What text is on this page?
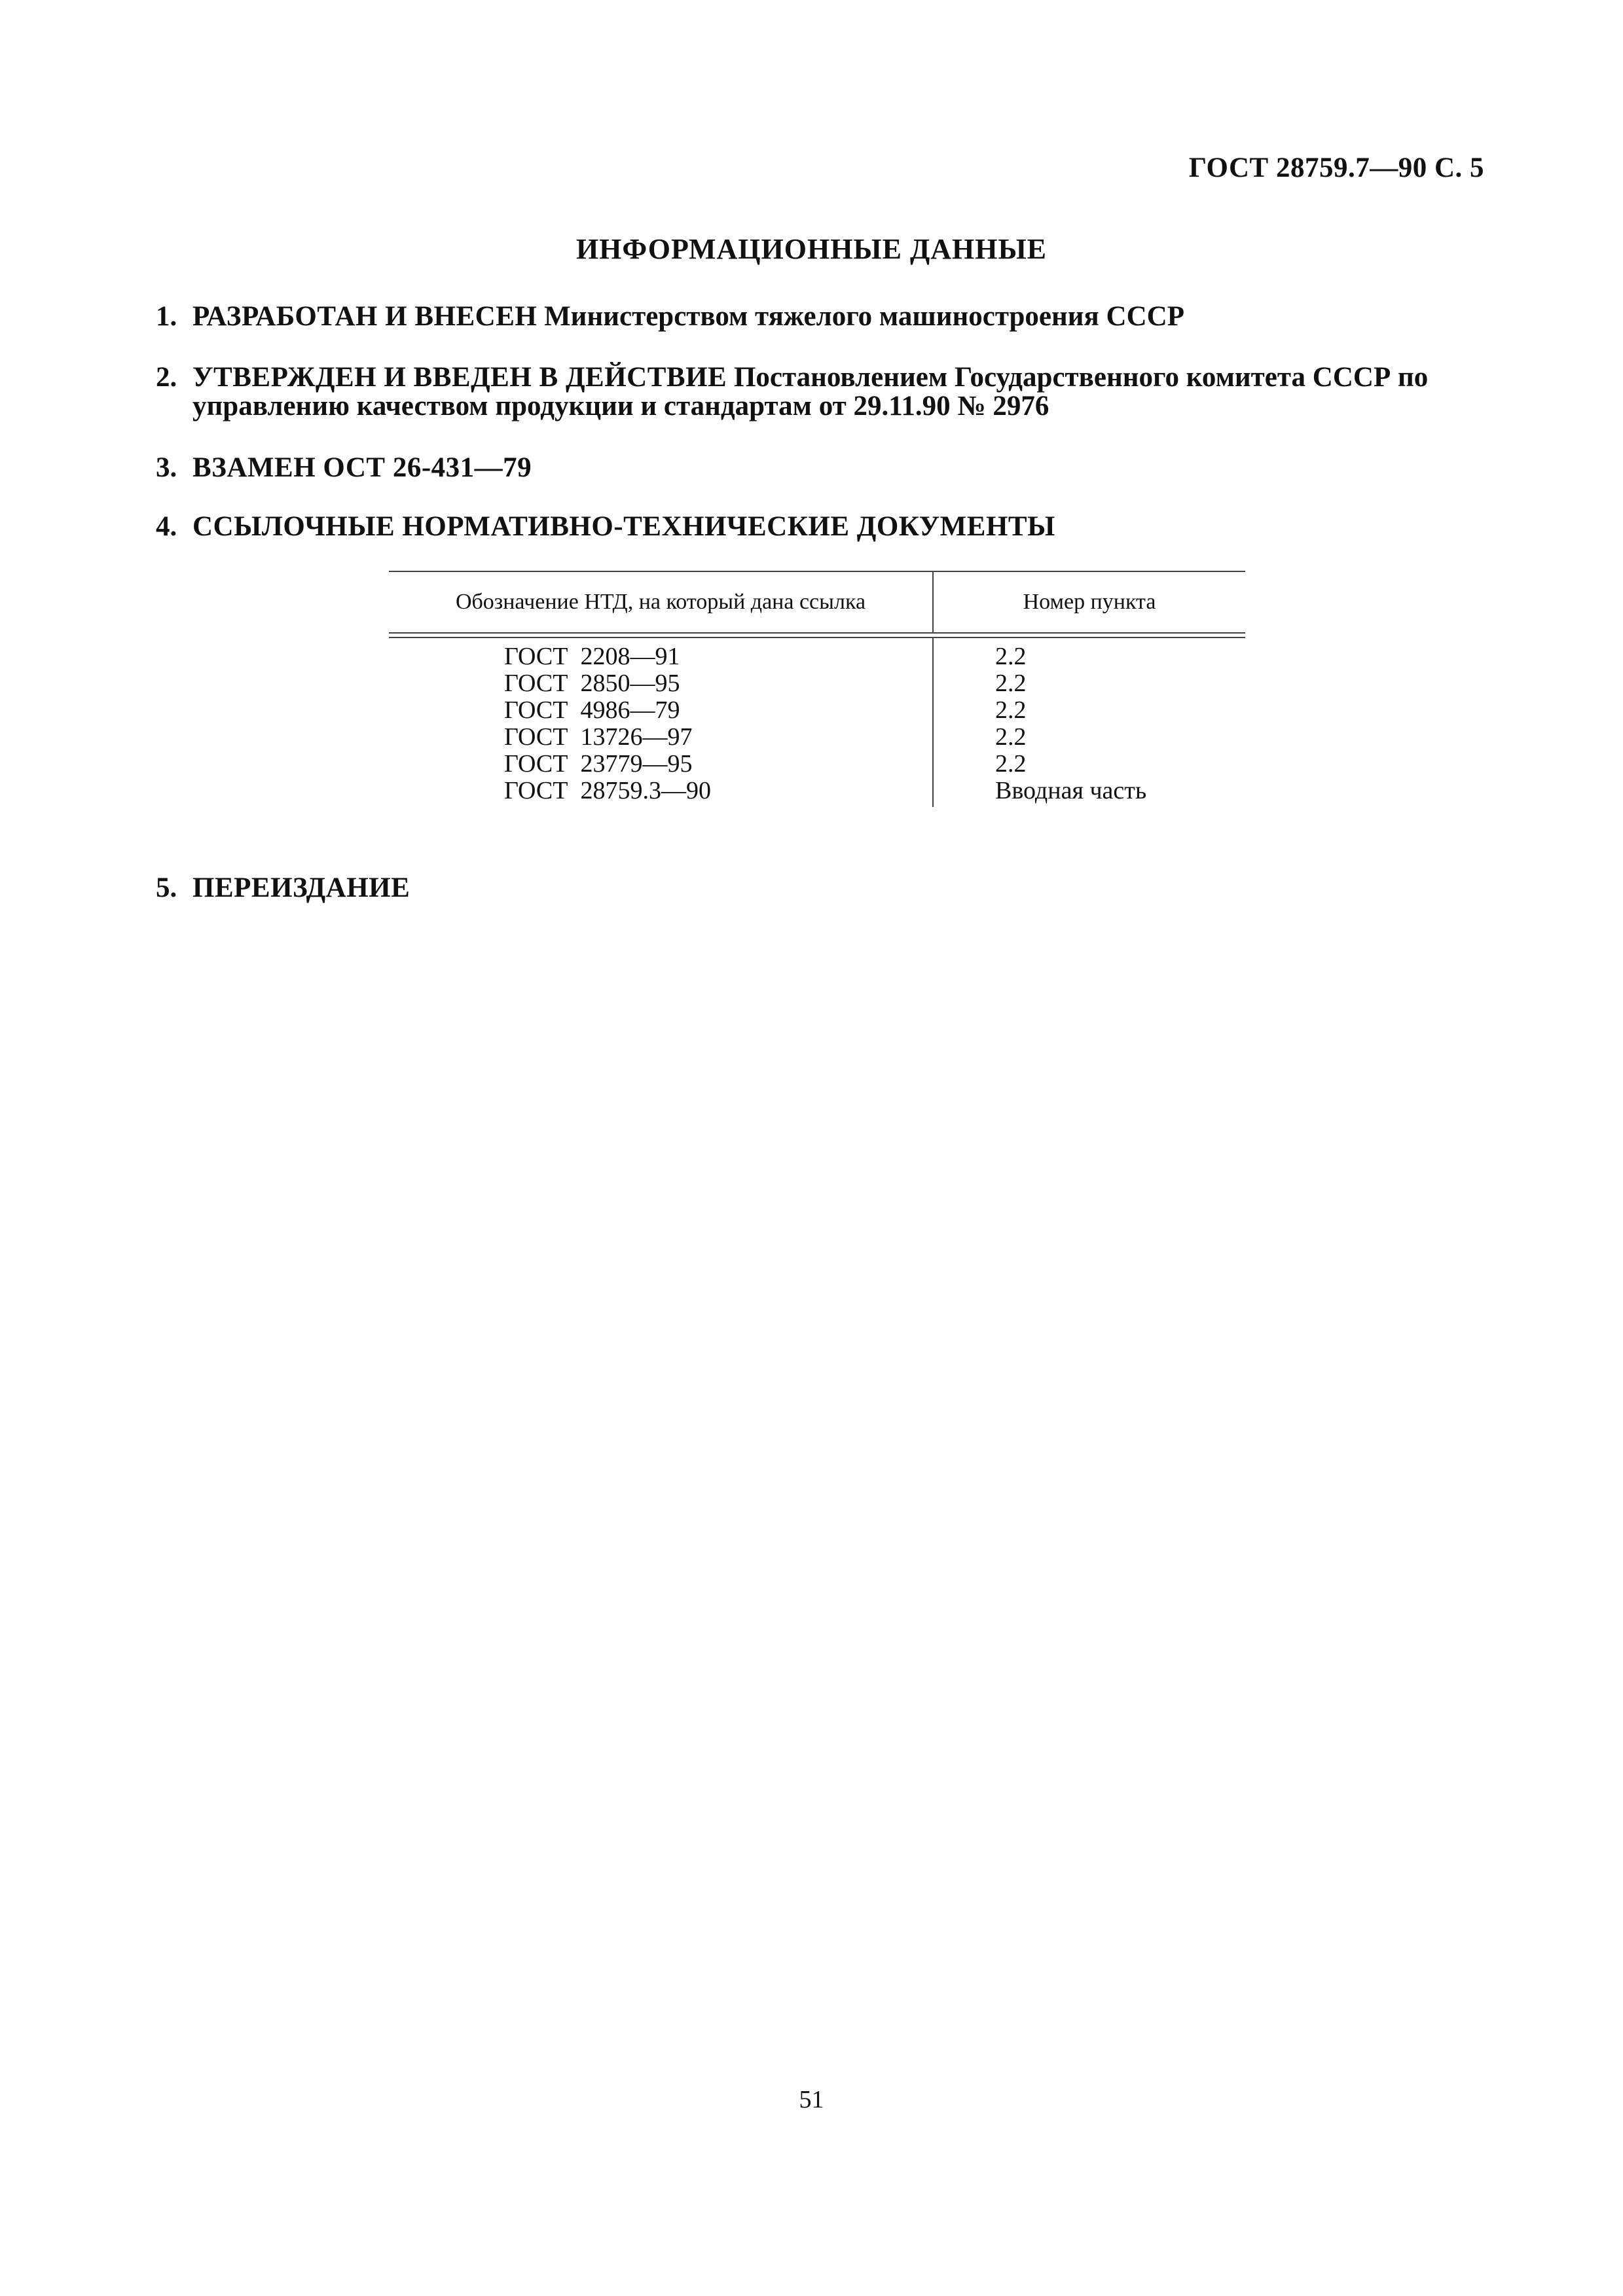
ГОСТ 28759.7—90 С. 5
ИНФОРМАЦИОННЫЕ ДАННЫЕ
1. РАЗРАБОТАН И ВНЕСЕН Министерством тяжелого машиностроения СССР
2. УТВЕРЖДЕН И ВВЕДЕН В ДЕЙСТВИЕ Постановлением Государственного комитета СССР по
управлению качеством продукции и стандартам от 29.11.90 № 2976
3. ВЗАМЕН ОСТ 26-431—79
4. ССЫЛОЧНЫЕ НОРМАТИВНО-ТЕХНИЧЕСКИЕ ДОКУМЕНТЫ
Обозначение НТД, на который дана ссылка	Номер пункта
ГОСТ  2208—91
ГОСТ  2850—95
ГОСТ  4986—79
ГОСТ  13726—97
ГОСТ  23779—95
ГОСТ  28759.3—90
2.2
2.2
2.2
2.2
2.2
Вводная часть
5. ПЕРЕИЗДАНИЕ
51
